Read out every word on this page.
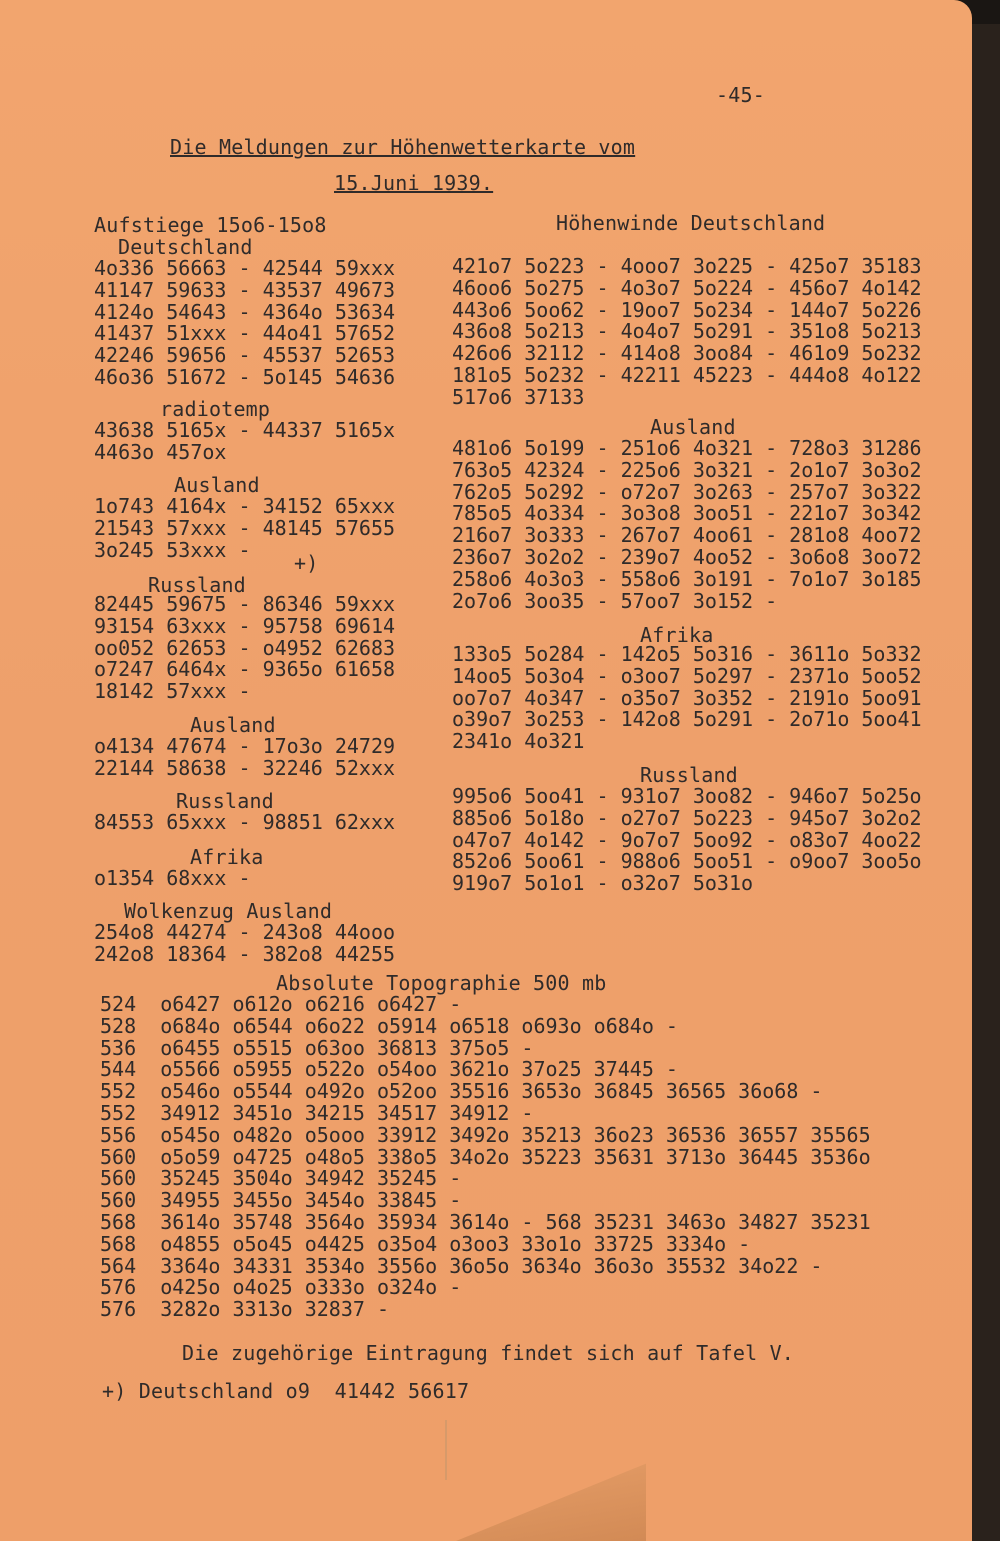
-45-
Die Meldungen zur Höhenwetterkarte vom
15.Juni 1939.
Aufstiege 15o6-15o8
Deutschland
4o336 56663 - 42544 59xxx
41147 59633 - 43537 49673
4124o 54643 - 4364o 53634
41437 51xxx - 44o41 57652
42246 59656 - 45537 52653
46o36 51672 - 5o145 54636
radiotemp
43638 5165x - 44337 5165x
4463o 457ox
Ausland
1o743 4164x - 34152 65xxx
21543 57xxx - 48145 57655
3o245 53xxx -
+)
Russland
82445 59675 - 86346 59xxx
93154 63xxx - 95758 69614
oo052 62653 - o4952 62683
o7247 6464x - 9365o 61658
18142 57xxx -
Ausland
o4134 47674 - 17o3o 24729
22144 58638 - 32246 52xxx
Russland
84553 65xxx - 98851 62xxx
Afrika
o1354 68xxx -
Wolkenzug Ausland
254o8 44274 - 243o8 44ooo
242o8 18364 - 382o8 44255
Höhenwinde Deutschland
421o7 5o223 - 4ooo7 3o225 - 425o7 35183
46oo6 5o275 - 4o3o7 5o224 - 456o7 4o142
443o6 5oo62 - 19oo7 5o234 - 144o7 5o226
436o8 5o213 - 4o4o7 5o291 - 351o8 5o213
426o6 32112 - 414o8 3oo84 - 461o9 5o232
181o5 5o232 - 42211 45223 - 444o8 4o122
517o6 37133
Ausland
481o6 5o199 - 251o6 4o321 - 728o3 31286
763o5 42324 - 225o6 3o321 - 2o1o7 3o3o2
762o5 5o292 - o72o7 3o263 - 257o7 3o322
785o5 4o334 - 3o3o8 3oo51 - 221o7 3o342
216o7 3o333 - 267o7 4oo61 - 281o8 4oo72
236o7 3o2o2 - 239o7 4oo52 - 3o6o8 3oo72
258o6 4o3o3 - 558o6 3o191 - 7o1o7 3o185
2o7o6 3oo35 - 57oo7 3o152 -
Afrika
133o5 5o284 - 142o5 5o316 - 3611o 5o332
14oo5 5o3o4 - o3oo7 5o297 - 2371o 5oo52
oo7o7 4o347 - o35o7 3o352 - 2191o 5oo91
o39o7 3o253 - 142o8 5o291 - 2o71o 5oo41
2341o 4o321
Russland
995o6 5oo41 - 931o7 3oo82 - 946o7 5o25o
885o6 5o18o - o27o7 5o223 - 945o7 3o2o2
o47o7 4o142 - 9o7o7 5oo92 - o83o7 4oo22
852o6 5oo61 - 988o6 5oo51 - o9oo7 3oo5o
919o7 5o1o1 - o32o7 5o31o
Absolute Topographie 500 mb
524  o6427 o612o o6216 o6427 -
528  o684o o6544 o6o22 o5914 o6518 o693o o684o -
536  o6455 o5515 o63oo 36813 375o5 -
544  o5566 o5955 o522o o54oo 3621o 37o25 37445 -
552  o546o o5544 o492o o52oo 35516 3653o 36845 36565 36o68 -
552  34912 3451o 34215 34517 34912 -
556  o545o o482o o5ooo 33912 3492o 35213 36o23 36536 36557 35565
560  o5o59 o4725 o48o5 338o5 34o2o 35223 35631 3713o 36445 3536o
560  35245 3504o 34942 35245 -
560  34955 3455o 3454o 33845 -
568  3614o 35748 3564o 35934 3614o - 568 35231 3463o 34827 35231
568  o4855 o5o45 o4425 o35o4 o3oo3 33o1o 33725 3334o -
564  3364o 34331 3534o 3556o 36o5o 3634o 36o3o 35532 34o22 -
576  o425o o4o25 o333o o324o -
576  3282o 3313o 32837 -
Die zugehörige Eintragung findet sich auf Tafel V.
+) Deutschland o9  41442 56617
